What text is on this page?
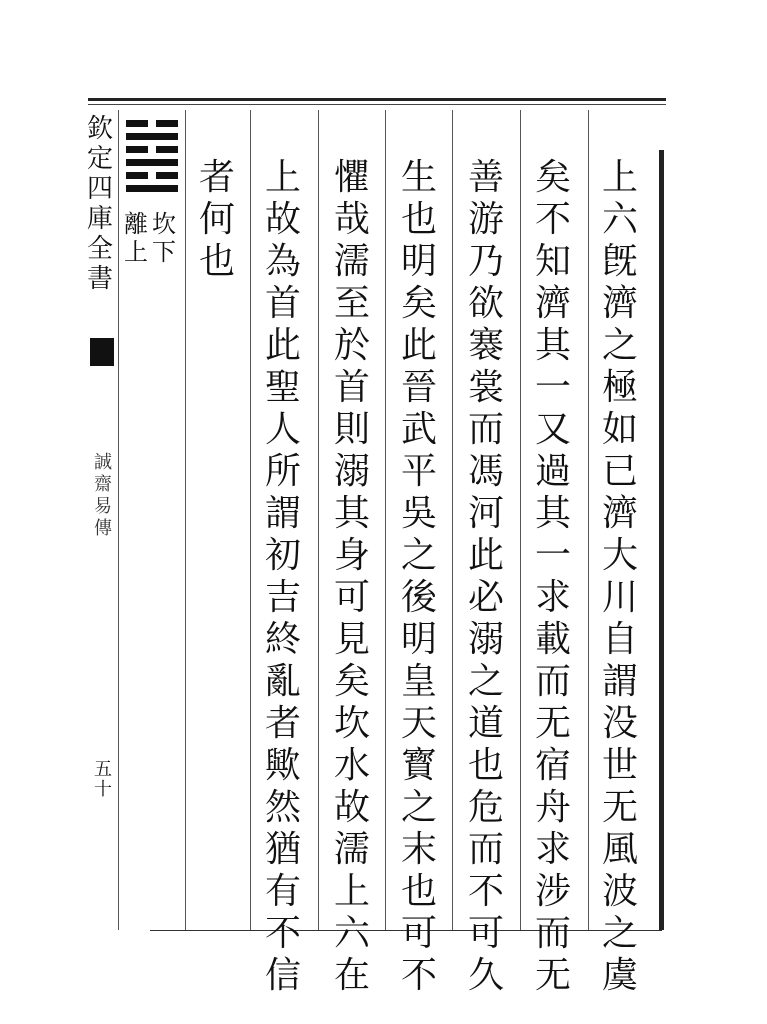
欽
定
四
庫
全
書
誠
齋
易
傳
五
十
坎
下
離
上
上
六
旣
濟
之
極
如
已
濟
大
川
自
謂
没
世
无
風
波
之
虞
矣
不
知
濟
其
一
又
過
其
一
求
載
而
无
宿
舟
求
涉
而
无
善
游
乃
欲
褰
裳
而
馮
河
此
必
溺
之
道
也
危
而
不
可
久
生
也
明
矣
此
晉
武
平
吳
之
後
明
皇
天
寳
之
末
也
可
不
懼
哉
濡
至
於
首
則
溺
其
身
可
見
矣
坎
水
故
濡
上
六
在
上
故
為
首
此
聖
人
所
謂
初
吉
終
亂
者
歟
然
猶
有
不
信
者
何
也
